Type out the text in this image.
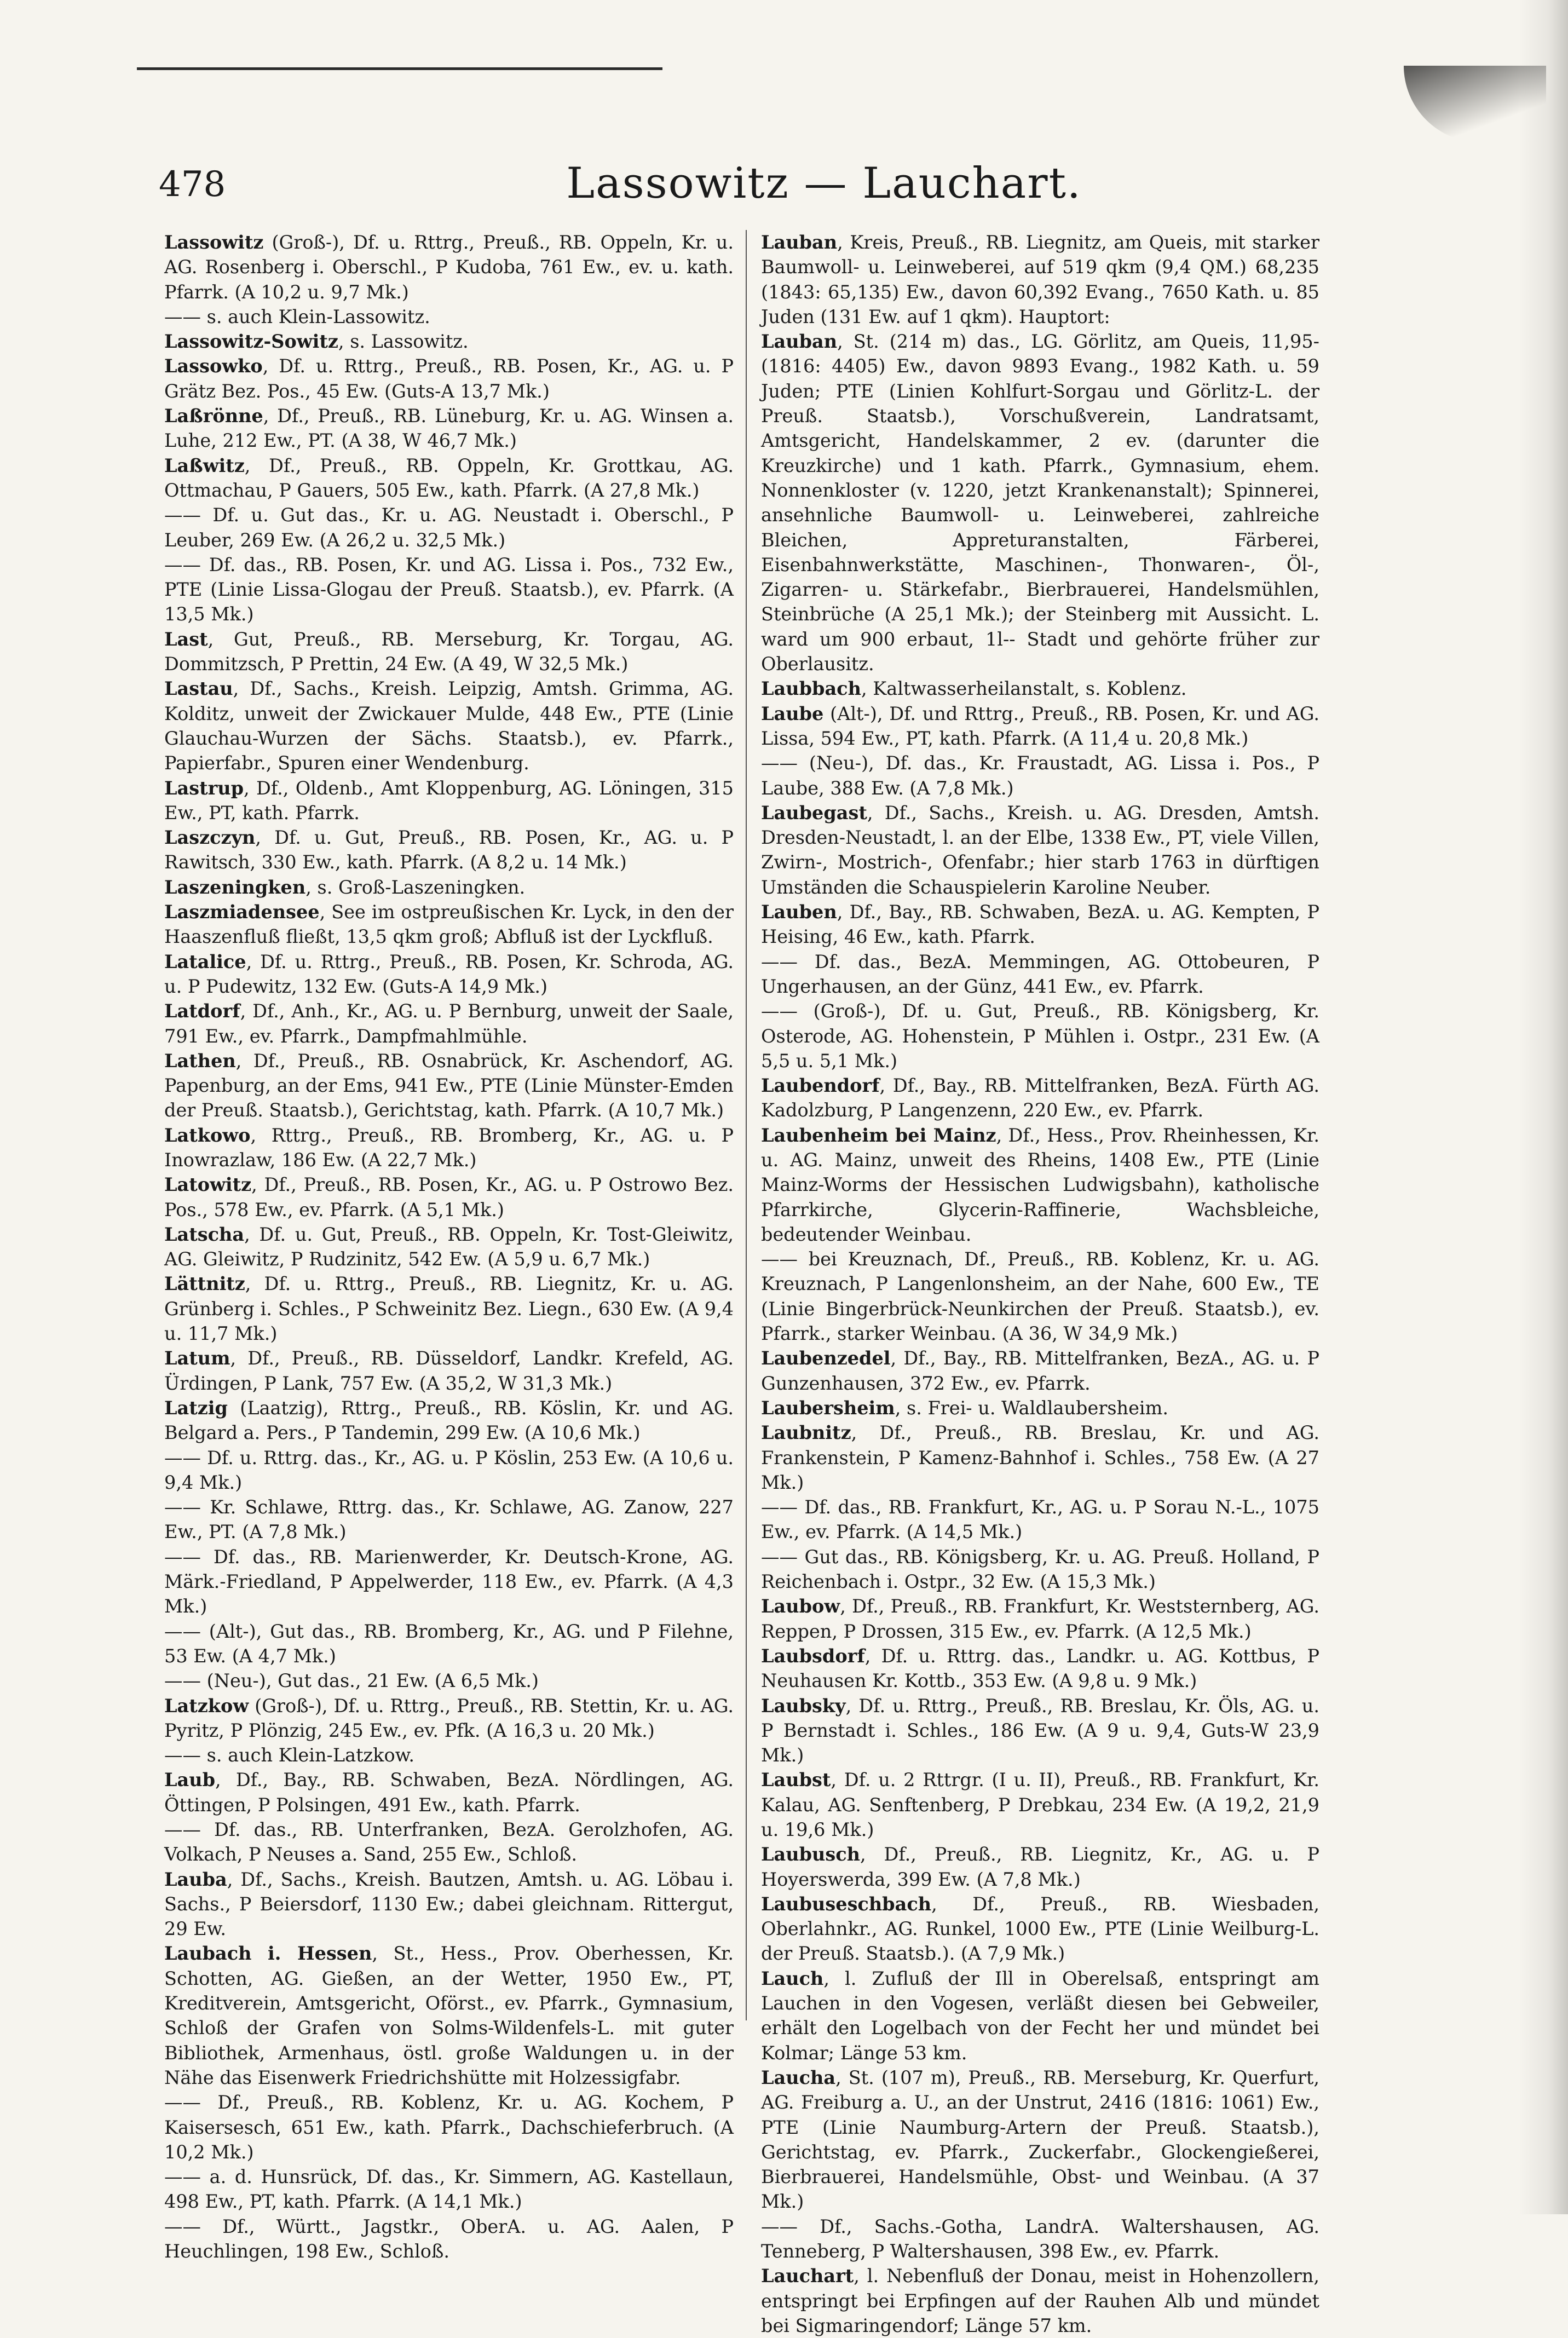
478	Lassowitz — Lauchart.

Lassowitz (Groß-), Df. u. Rttrg., Preuß., RB. Oppeln, Kr. u. AG. Rosenberg i. Oberschl., P Kudoba, 761 Ew., ev. u. kath. Pfarrk. (A 10,2 u. 9,7 Mk.)

—— s. auch Klein-Lassowitz.

Lassowitz-Sowitz, s. Lassowitz.

Lassowko, Df. u. Rttrg., Preuß., RB. Posen, Kr., AG. u. P Grätz Bez. Pos., 45 Ew. (Guts-A 13,7 Mk.)

Laßrönne, Df., Preuß., RB. Lüneburg, Kr. u. AG. Winsen a. Luhe, 212 Ew., PT. (A 38, W 46,7 Mk.)

Laßwitz, Df., Preuß., RB. Oppeln, Kr. Grottkau, AG. Ottmachau, P Gauers, 505 Ew., kath. Pfarrk. (A 27,8 Mk.)

—— Df. u. Gut das., Kr. u. AG. Neustadt i. Oberschl., P Leuber, 269 Ew. (A 26,2 u. 32,5 Mk.)

—— Df. das., RB. Posen, Kr. und AG. Lissa i. Pos., 732 Ew., PTE (Linie Lissa-Glogau der Preuß. Staatsb.), ev. Pfarrk. (A 13,5 Mk.)

Last, Gut, Preuß., RB. Merseburg, Kr. Torgau, AG. Dommitzsch, P Prettin, 24 Ew. (A 49, W 32,5 Mk.)

Lastau, Df., Sachs., Kreish. Leipzig, Amtsh. Grimma, AG. Kolditz, unweit der Zwickauer Mulde, 448 Ew., PTE (Linie Glauchau-Wurzen der Sächs. Staatsb.), ev. Pfarrk., Papierfabr., Spuren einer Wendenburg.

Lastrup, Df., Oldenb., Amt Kloppenburg, AG. Löningen, 315 Ew., PT, kath. Pfarrk.

Laszczyn, Df. u. Gut, Preuß., RB. Posen, Kr., AG. u. P Rawitsch, 330 Ew., kath. Pfarrk. (A 8,2 u. 14 Mk.)

Laszeningken, s. Groß-Laszeningken.

Laszmiadensee, See im ostpreußischen Kr. Lyck, in den der Haaszenfluß fließt, 13,5 qkm groß; Abfluß ist der Lyckfluß.

Latalice, Df. u. Rttrg., Preuß., RB. Posen, Kr. Schroda, AG. u. P Pudewitz, 132 Ew. (Guts-A 14,9 Mk.)

Latdorf, Df., Anh., Kr., AG. u. P Bernburg, unweit der Saale, 791 Ew., ev. Pfarrk., Dampfmahlmühle.

Lathen, Df., Preuß., RB. Osnabrück, Kr. Aschendorf, AG. Papenburg, an der Ems, 941 Ew., PTE (Linie Münster-Emden der Preuß. Staatsb.), Gerichtstag, kath. Pfarrk. (A 10,7 Mk.)

Latkowo, Rttrg., Preuß., RB. Bromberg, Kr., AG. u. P Inowrazlaw, 186 Ew. (A 22,7 Mk.)

Latowitz, Df., Preuß., RB. Posen, Kr., AG. u. P Ostrowo Bez. Pos., 578 Ew., ev. Pfarrk. (A 5,1 Mk.)

Latscha, Df. u. Gut, Preuß., RB. Oppeln, Kr. Tost-Gleiwitz, AG. Gleiwitz, P Rudzinitz, 542 Ew. (A 5,9 u. 6,7 Mk.)

Lättnitz, Df. u. Rttrg., Preuß., RB. Liegnitz, Kr. u. AG. Grünberg i. Schles., P Schweinitz Bez. Liegn., 630 Ew. (A 9,4 u. 11,7 Mk.)

Latum, Df., Preuß., RB. Düsseldorf, Landkr. Krefeld, AG. Ürdingen, P Lank, 757 Ew. (A 35,2, W 31,3 Mk.)

Latzig (Laatzig), Rttrg., Preuß., RB. Köslin, Kr. und AG. Belgard a. Pers., P Tandemin, 299 Ew. (A 10,6 Mk.)

—— Df. u. Rttrg. das., Kr., AG. u. P Köslin, 253 Ew. (A 10,6 u. 9,4 Mk.)

—— Kr. Schlawe, Rttrg. das., Kr. Schlawe, AG. Zanow, 227 Ew., PT. (A 7,8 Mk.)

—— Df. das., RB. Marienwerder, Kr. Deutsch-Krone, AG. Märk.-Friedland, P Appelwerder, 118 Ew., ev. Pfarrk. (A 4,3 Mk.)

—— (Alt-), Gut das., RB. Bromberg, Kr., AG. und P Filehne, 53 Ew. (A 4,7 Mk.)

—— (Neu-), Gut das., 21 Ew. (A 6,5 Mk.)

Latzkow (Groß-), Df. u. Rttrg., Preuß., RB. Stettin, Kr. u. AG. Pyritz, P Plönzig, 245 Ew., ev. Pfk. (A 16,3 u. 20 Mk.)

—— s. auch Klein-Latzkow.

Laub, Df., Bay., RB. Schwaben, BezA. Nördlingen, AG. Öttingen, P Polsingen, 491 Ew., kath. Pfarrk.

—— Df. das., RB. Unterfranken, BezA. Gerolzhofen, AG. Volkach, P Neuses a. Sand, 255 Ew., Schloß.

Lauba, Df., Sachs., Kreish. Bautzen, Amtsh. u. AG. Löbau i. Sachs., P Beiersdorf, 1130 Ew.; dabei gleichnam. Rittergut, 29 Ew.

Laubach i. Hessen, St., Hess., Prov. Oberhessen, Kr. Schotten, AG. Gießen, an der Wetter, 1950 Ew., PT, Kreditverein, Amtsgericht, Oförst., ev. Pfarrk., Gymnasium, Schloß der Grafen von Solms-Wildenfels-L. mit guter Bibliothek, Armenhaus, östl. große Waldungen u. in der Nähe das Eisenwerk Friedrichshütte mit Holzessigfabr.

—— Df., Preuß., RB. Koblenz, Kr. u. AG. Kochem, P Kaisersesch, 651 Ew., kath. Pfarrk., Dachschieferbruch. (A 10,2 Mk.)

—— a. d. Hunsrück, Df. das., Kr. Simmern, AG. Kastellaun, 498 Ew., PT, kath. Pfarrk. (A 14,1 Mk.)

—— Df., Württ., Jagstkr., OberA. u. AG. Aalen, P Heuchlingen, 198 Ew., Schloß.

Lauban, Kreis, Preuß., RB. Liegnitz, am Queis, mit starker Baumwoll- u. Leinweberei, auf 519 qkm (9,4 QM.) 68,235 (1843: 65,135) Ew., davon 60,392 Evang., 7650 Kath. u. 85 Juden (131 Ew. auf 1 qkm). Hauptort:

Lauban, St. (214 m) das., LG. Görlitz, am Queis, 11,95- (1816: 4405) Ew., davon 9893 Evang., 1982 Kath. u. 59 Juden; PTE (Linien Kohlfurt-Sorgau und Görlitz-L. der Preuß. Staatsb.), Vorschußverein, Landratsamt, Amtsgericht, Handelskammer, 2 ev. (darunter die Kreuzkirche) und 1 kath. Pfarrk., Gymnasium, ehem. Nonnenkloster (v. 1220, jetzt Krankenanstalt); Spinnerei, ansehnliche Baumwoll- u. Leinweberei, zahlreiche Bleichen, Appreturanstalten, Färberei, Eisenbahnwerkstätte, Maschinen-, Thonwaren-, Öl-, Zigarren- u. Stärkefabr., Bierbrauerei, Handelsmühlen, Steinbrüche (A 25,1 Mk.); der Steinberg mit Aussicht. L. ward um 900 erbaut, 1l-- Stadt und gehörte früher zur Oberlausitz.

Laubbach, Kaltwasserheilanstalt, s. Koblenz.

Laube (Alt-), Df. und Rttrg., Preuß., RB. Posen, Kr. und AG. Lissa, 594 Ew., PT, kath. Pfarrk. (A 11,4 u. 20,8 Mk.)

—— (Neu-), Df. das., Kr. Fraustadt, AG. Lissa i. Pos., P Laube, 388 Ew. (A 7,8 Mk.)

Laubegast, Df., Sachs., Kreish. u. AG. Dresden, Amtsh. Dresden-Neustadt, l. an der Elbe, 1338 Ew., PT, viele Villen, Zwirn-, Mostrich-, Ofenfabr.; hier starb 1763 in dürftigen Umständen die Schauspielerin Karoline Neuber.

Lauben, Df., Bay., RB. Schwaben, BezA. u. AG. Kempten, P Heising, 46 Ew., kath. Pfarrk.

—— Df. das., BezA. Memmingen, AG. Ottobeuren, P Ungerhausen, an der Günz, 441 Ew., ev. Pfarrk.

—— (Groß-), Df. u. Gut, Preuß., RB. Königsberg, Kr. Osterode, AG. Hohenstein, P Mühlen i. Ostpr., 231 Ew. (A 5,5 u. 5,1 Mk.)

Laubendorf, Df., Bay., RB. Mittelfranken, BezA. Fürth AG. Kadolzburg, P Langenzenn, 220 Ew., ev. Pfarrk.

Laubenheim bei Mainz, Df., Hess., Prov. Rheinhessen, Kr. u. AG. Mainz, unweit des Rheins, 1408 Ew., PTE (Linie Mainz-Worms der Hessischen Ludwigsbahn), katholische Pfarrkirche, Glycerin-Raffinerie, Wachsbleiche, bedeutender Weinbau.

—— bei Kreuznach, Df., Preuß., RB. Koblenz, Kr. u. AG. Kreuznach, P Langenlonsheim, an der Nahe, 600 Ew., TE (Linie Bingerbrück-Neunkirchen der Preuß. Staatsb.), ev. Pfarrk., starker Weinbau. (A 36, W 34,9 Mk.)

Laubenzedel, Df., Bay., RB. Mittelfranken, BezA., AG. u. P Gunzenhausen, 372 Ew., ev. Pfarrk.

Laubersheim, s. Frei- u. Waldlaubersheim.

Laubnitz, Df., Preuß., RB. Breslau, Kr. und AG. Frankenstein, P Kamenz-Bahnhof i. Schles., 758 Ew. (A 27 Mk.)

—— Df. das., RB. Frankfurt, Kr., AG. u. P Sorau N.-L., 1075 Ew., ev. Pfarrk. (A 14,5 Mk.)

—— Gut das., RB. Königsberg, Kr. u. AG. Preuß. Holland, P Reichenbach i. Ostpr., 32 Ew. (A 15,3 Mk.)

Laubow, Df., Preuß., RB. Frankfurt, Kr. Weststernberg, AG. Reppen, P Drossen, 315 Ew., ev. Pfarrk. (A 12,5 Mk.)

Laubsdorf, Df. u. Rttrg. das., Landkr. u. AG. Kottbus, P Neuhausen Kr. Kottb., 353 Ew. (A 9,8 u. 9 Mk.)

Laubsky, Df. u. Rttrg., Preuß., RB. Breslau, Kr. Öls, AG. u. P Bernstadt i. Schles., 186 Ew. (A 9 u. 9,4, Guts-W 23,9 Mk.)

Laubst, Df. u. 2 Rttrgr. (I u. II), Preuß., RB. Frankfurt, Kr. Kalau, AG. Senftenberg, P Drebkau, 234 Ew. (A 19,2, 21,9 u. 19,6 Mk.)

Laubusch, Df., Preuß., RB. Liegnitz, Kr., AG. u. P Hoyerswerda, 399 Ew. (A 7,8 Mk.)

Laubuseschbach, Df., Preuß., RB. Wiesbaden, Oberlahnkr., AG. Runkel, 1000 Ew., PTE (Linie Weilburg-L. der Preuß. Staatsb.). (A 7,9 Mk.)

Lauch, l. Zufluß der Ill in Oberelsaß, entspringt am Lauchen in den Vogesen, verläßt diesen bei Gebweiler, erhält den Logelbach von der Fecht her und mündet bei Kolmar; Länge 53 km.

Laucha, St. (107 m), Preuß., RB. Merseburg, Kr. Querfurt, AG. Freiburg a. U., an der Unstrut, 2416 (1816: 1061) Ew., PTE (Linie Naumburg-Artern der Preuß. Staatsb.), Gerichtstag, ev. Pfarrk., Zuckerfabr., Glockengießerei, Bierbrauerei, Handelsmühle, Obst- und Weinbau. (A 37 Mk.)

—— Df., Sachs.-Gotha, LandrA. Waltershausen, AG. Tenneberg, P Waltershausen, 398 Ew., ev. Pfarrk.

Lauchart, l. Nebenfluß der Donau, meist in Hohenzollern, entspringt bei Erpfingen auf der Rauhen Alb und mündet bei Sigmaringendorf; Länge 57 km.
